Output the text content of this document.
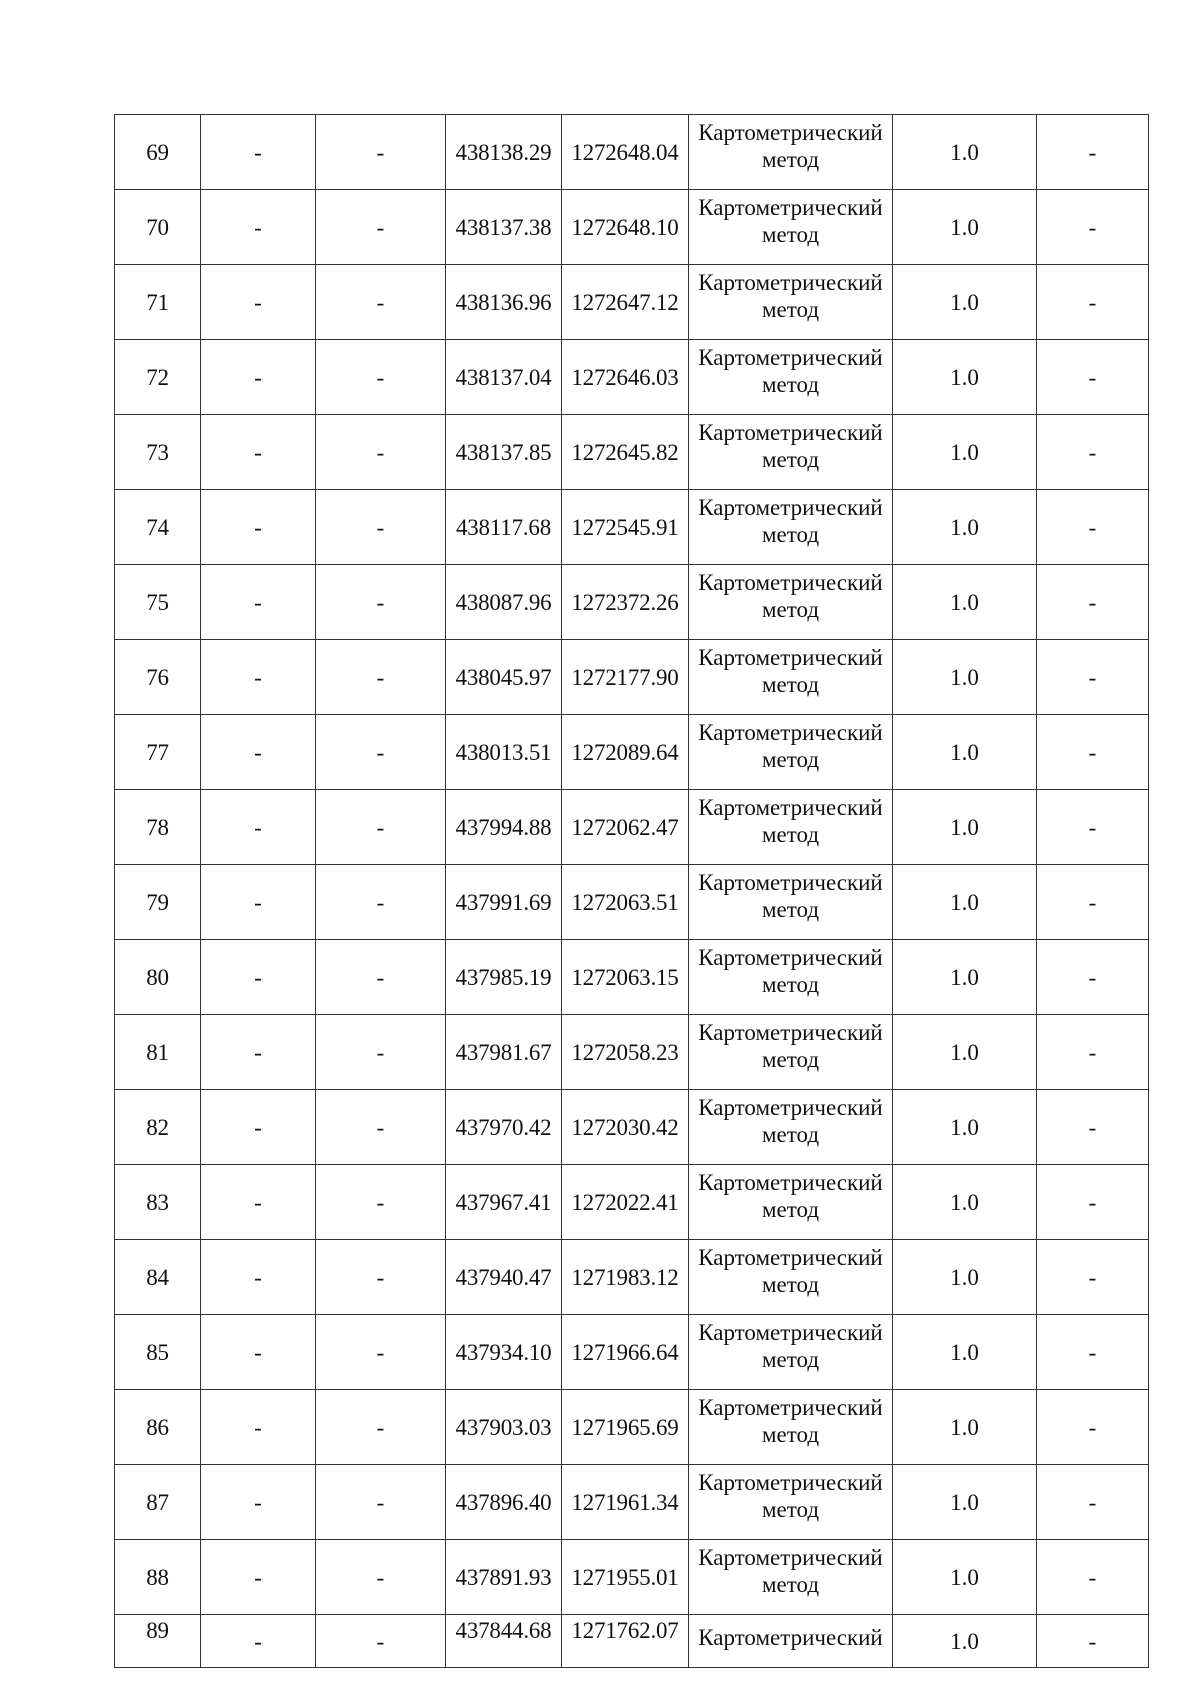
69	-	-	438138.29	1272648.04	Картометрический метод	1.0	-
70	-	-	438137.38	1272648.10	Картометрический метод	1.0	-
71	-	-	438136.96	1272647.12	Картометрический метод	1.0	-
72	-	-	438137.04	1272646.03	Картометрический метод	1.0	-
73	-	-	438137.85	1272645.82	Картометрический метод	1.0	-
74	-	-	438117.68	1272545.91	Картометрический метод	1.0	-
75	-	-	438087.96	1272372.26	Картометрический метод	1.0	-
76	-	-	438045.97	1272177.90	Картометрический метод	1.0	-
77	-	-	438013.51	1272089.64	Картометрический метод	1.0	-
78	-	-	437994.88	1272062.47	Картометрический метод	1.0	-
79	-	-	437991.69	1272063.51	Картометрический метод	1.0	-
80	-	-	437985.19	1272063.15	Картометрический метод	1.0	-
81	-	-	437981.67	1272058.23	Картометрический метод	1.0	-
82	-	-	437970.42	1272030.42	Картометрический метод	1.0	-
83	-	-	437967.41	1272022.41	Картометрический метод	1.0	-
84	-	-	437940.47	1271983.12	Картометрический метод	1.0	-
85	-	-	437934.10	1271966.64	Картометрический метод	1.0	-
86	-	-	437903.03	1271965.69	Картометрический метод	1.0	-
87	-	-	437896.40	1271961.34	Картометрический метод	1.0	-
88	-	-	437891.93	1271955.01	Картометрический метод	1.0	-
89	-	-	437844.68	1271762.07	Картометрический	1.0	-
